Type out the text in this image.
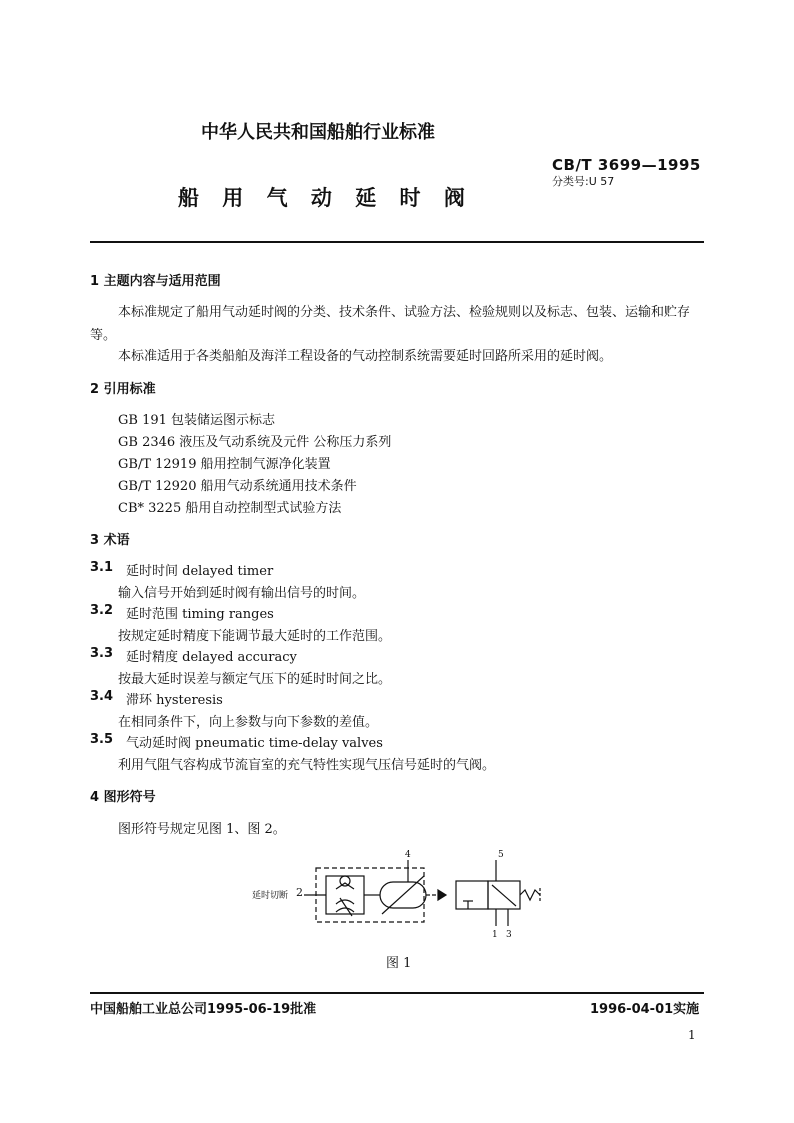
中华人民共和国船舶行业标准
CB/T 3699—1995
分类号:U 57
船 用 气 动 延 时 阀
1 主题内容与适用范围
本标准规定了船用气动延时阀的分类、技术条件、试验方法、检验规则以及标志、包装、运输和贮存
等。
本标准适用于各类船舶及海洋工程设备的气动控制系统需要延时回路所采用的延时阀。
2 引用标准
GB 191 包装储运图示标志
GB 2346 液压及气动系统及元件 公称压力系列
GB/T 12919 船用控制气源净化装置
GB/T 12920 船用气动系统通用技术条件
CB* 3225 船用自动控制型式试验方法
3 术语
3.1 延时时间 delayed timer
输入信号开始到延时阀有输出信号的时间。
3.2 延时范围 timing ranges
按规定延时精度下能调节最大延时的工作范围。
3.3 延时精度 delayed accuracy
按最大延时误差与额定气压下的延时时间之比。
3.4 滞环 hysteresis
在相同条件下，向上参数与向下参数的差值。
3.5 气动延时阀 pneumatic time-delay valves
利用气阻气容构成节流盲室的充气特性实现气压信号延时的气阀。
4 图形符号
图形符号规定见图 1、图 2。
延时切断 2
4	5
1 3
图 1
中国船舶工业总公司1995-06-19批准	1996-04-01实施
1
